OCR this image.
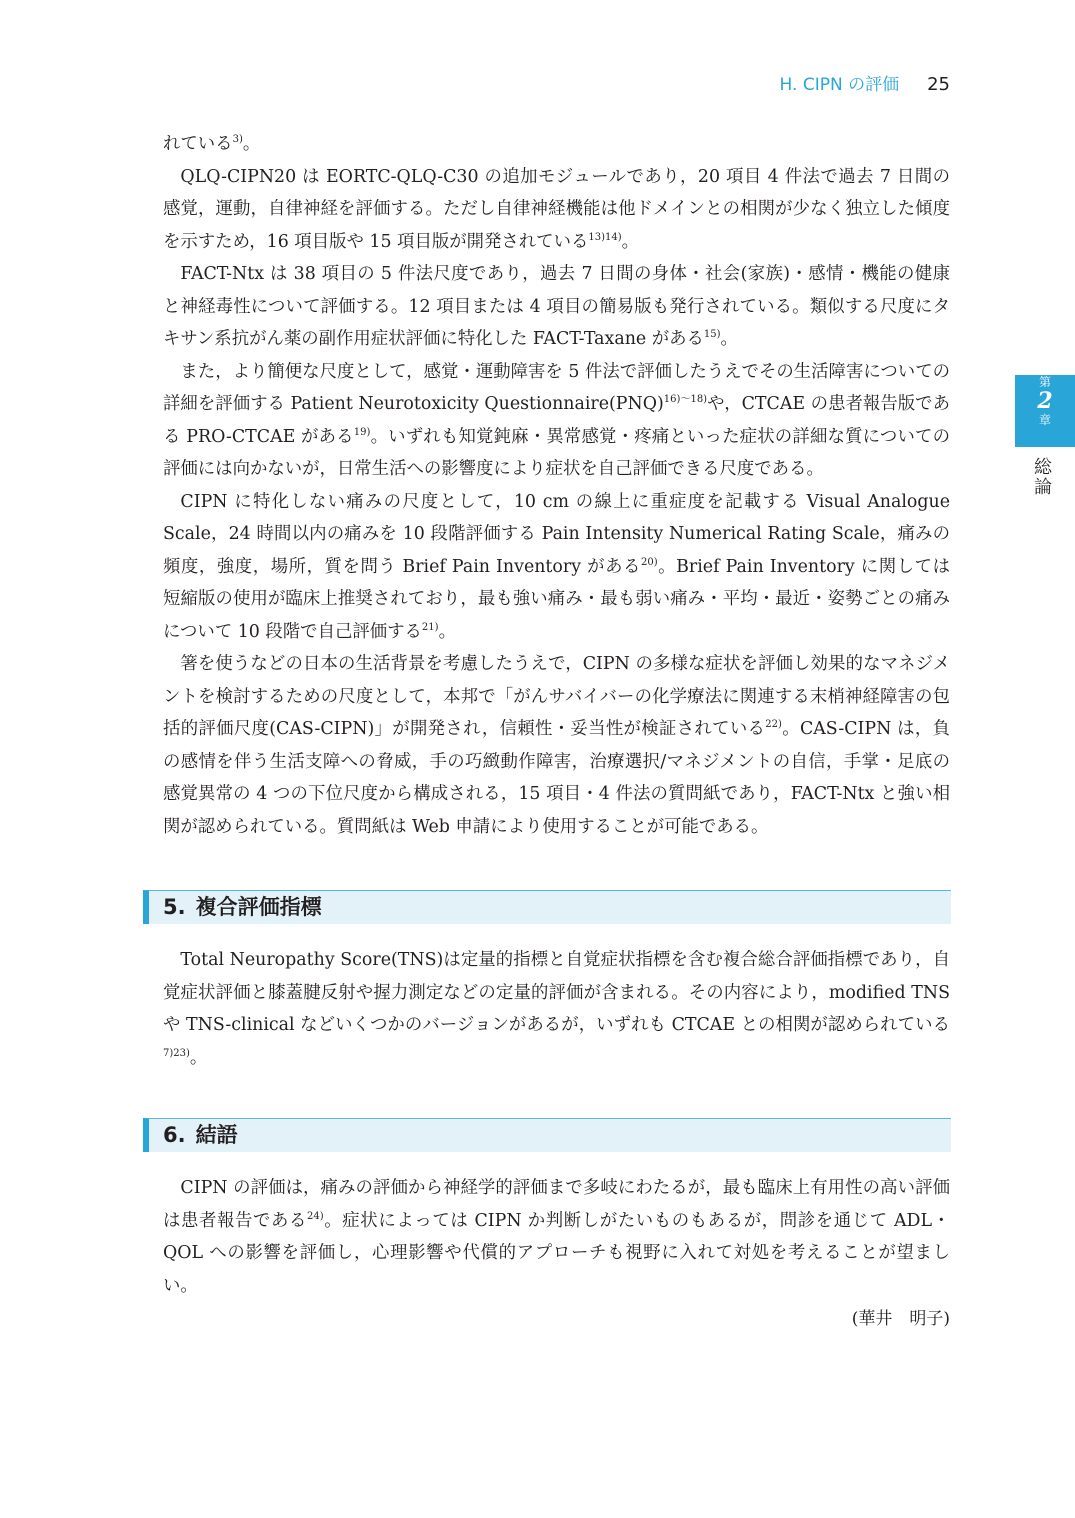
H. CIPN の評価 25
第
2
章
総論

れている$^{3)}$。

QLQ-CIPN20 は EORTC-QLQ-C30 の追加モジュールであり，20 項目 4 件法で過去 7 日間の感覚，運動，自律神経を評価する。ただし自律神経機能は他ドメインとの相関が少なく独立した傾度を示すため，16 項目版や 15 項目版が開発されている$^{13)14)}$。

FACT-Ntx は 38 項目の 5 件法尺度であり，過去 7 日間の身体・社会(家族)・感情・機能の健康と神経毒性について評価する。12 項目または 4 項目の簡易版も発行されている。類似する尺度にタキサン系抗がん薬の副作用症状評価に特化した FACT-Taxane がある$^{15)}$。

また，より簡便な尺度として，感覚・運動障害を 5 件法で評価したうえでその生活障害についての詳細を評価する Patient Neurotoxicity Questionnaire(PNQ)$^{16)\sim 18)}$や，CTCAE の患者報告版である PRO-CTCAE がある$^{19)}$。いずれも知覚鈍麻・異常感覚・疼痛といった症状の詳細な質についての評価には向かないが，日常生活への影響度により症状を自己評価できる尺度である。

CIPN に特化しない痛みの尺度として，10 cm の線上に重症度を記載する Visual Analogue Scale，24 時間以内の痛みを 10 段階評価する Pain Intensity Numerical Rating Scale，痛みの頻度，強度，場所，質を問う Brief Pain Inventory がある$^{20)}$。Brief Pain Inventory に関しては短縮版の使用が臨床上推奨されており，最も強い痛み・最も弱い痛み・平均・最近・姿勢ごとの痛みについて 10 段階で自己評価する$^{21)}$。

箸を使うなどの日本の生活背景を考慮したうえで，CIPN の多様な症状を評価し効果的なマネジメントを検討するための尺度として，本邦で「がんサバイバーの化学療法に関連する末梢神経障害の包括的評価尺度(CAS-CIPN)」が開発され，信頼性・妥当性が検証されている$^{22)}$。CAS-CIPN は，負の感情を伴う生活支障への脅威，手の巧緻動作障害，治療選択/マネジメントの自信，手掌・足底の感覚異常の 4 つの下位尺度から構成される，15 項目・4 件法の質問紙であり，FACT-Ntx と強い相関が認められている。質問紙は Web 申請により使用することが可能である。

5. 複合評価指標

Total Neuropathy Score(TNS)は定量的指標と自覚症状指標を含む複合総合評価指標であり，自覚症状評価と膝蓋腱反射や握力測定などの定量的評価が含まれる。その内容により，modified TNS や TNS-clinical などいくつかのバージョンがあるが，いずれも CTCAE との相関が認められている$^{7)23)}$。

6. 結語

CIPN の評価は，痛みの評価から神経学的評価まで多岐にわたるが，最も臨床上有用性の高い評価は患者報告である$^{24)}$。症状によっては CIPN か判断しがたいものもあるが，問診を通じて ADL・QOL への影響を評価し，心理影響や代償的アプローチも視野に入れて対処を考えることが望ましい。

(華井　明子)
